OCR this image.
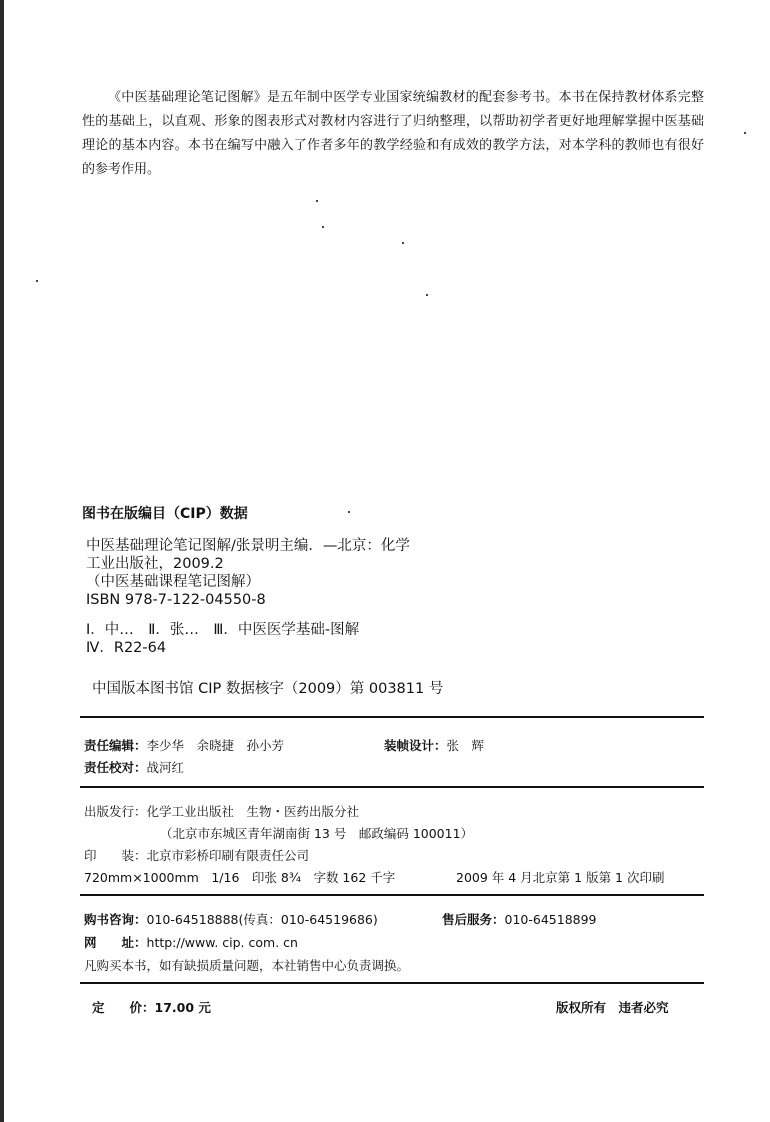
《中医基础理论笔记图解》是五年制中医学专业国家统编教材的配套参考书。本书在保持教材体系完整性的基础上，以直观、形象的图表形式对教材内容进行了归纳整理，以帮助初学者更好地理解掌握中医基础理论的基本内容。本书在编写中融入了作者多年的教学经验和有成效的教学方法，对本学科的教师也有很好的参考作用。

图书在版编目（CIP）数据
中医基础理论笔记图解/张景明主编．—北京：化学
工业出版社，2009.2
（中医基础课程笔记图解）
ISBN 978-7-122-04550-8
Ⅰ．中…　Ⅱ．张…　Ⅲ．中医医学基础-图解
Ⅳ．R22-64
中国版本图书馆 CIP 数据核字（2009）第 003811 号
责任编辑：李少华　余晓捷　孙小芳	装帧设计：张　辉
责任校对：战河红
出版发行：化学工业出版社　生物・医药出版分社
（北京市东城区青年湖南街 13 号　邮政编码 100011）
印　　装：北京市彩桥印刷有限责任公司
720mm×1000mm　1/16　印张 8¾　字数 162 千字	2009 年 4 月北京第 1 版第 1 次印刷
购书咨询：010-64518888(传真：010-64519686)	售后服务：010-64518899
网　　址：http://www. cip. com. cn
凡购买本书，如有缺损质量问题，本社销售中心负责调换。
定　　价：17.00 元	版权所有　违者必究
